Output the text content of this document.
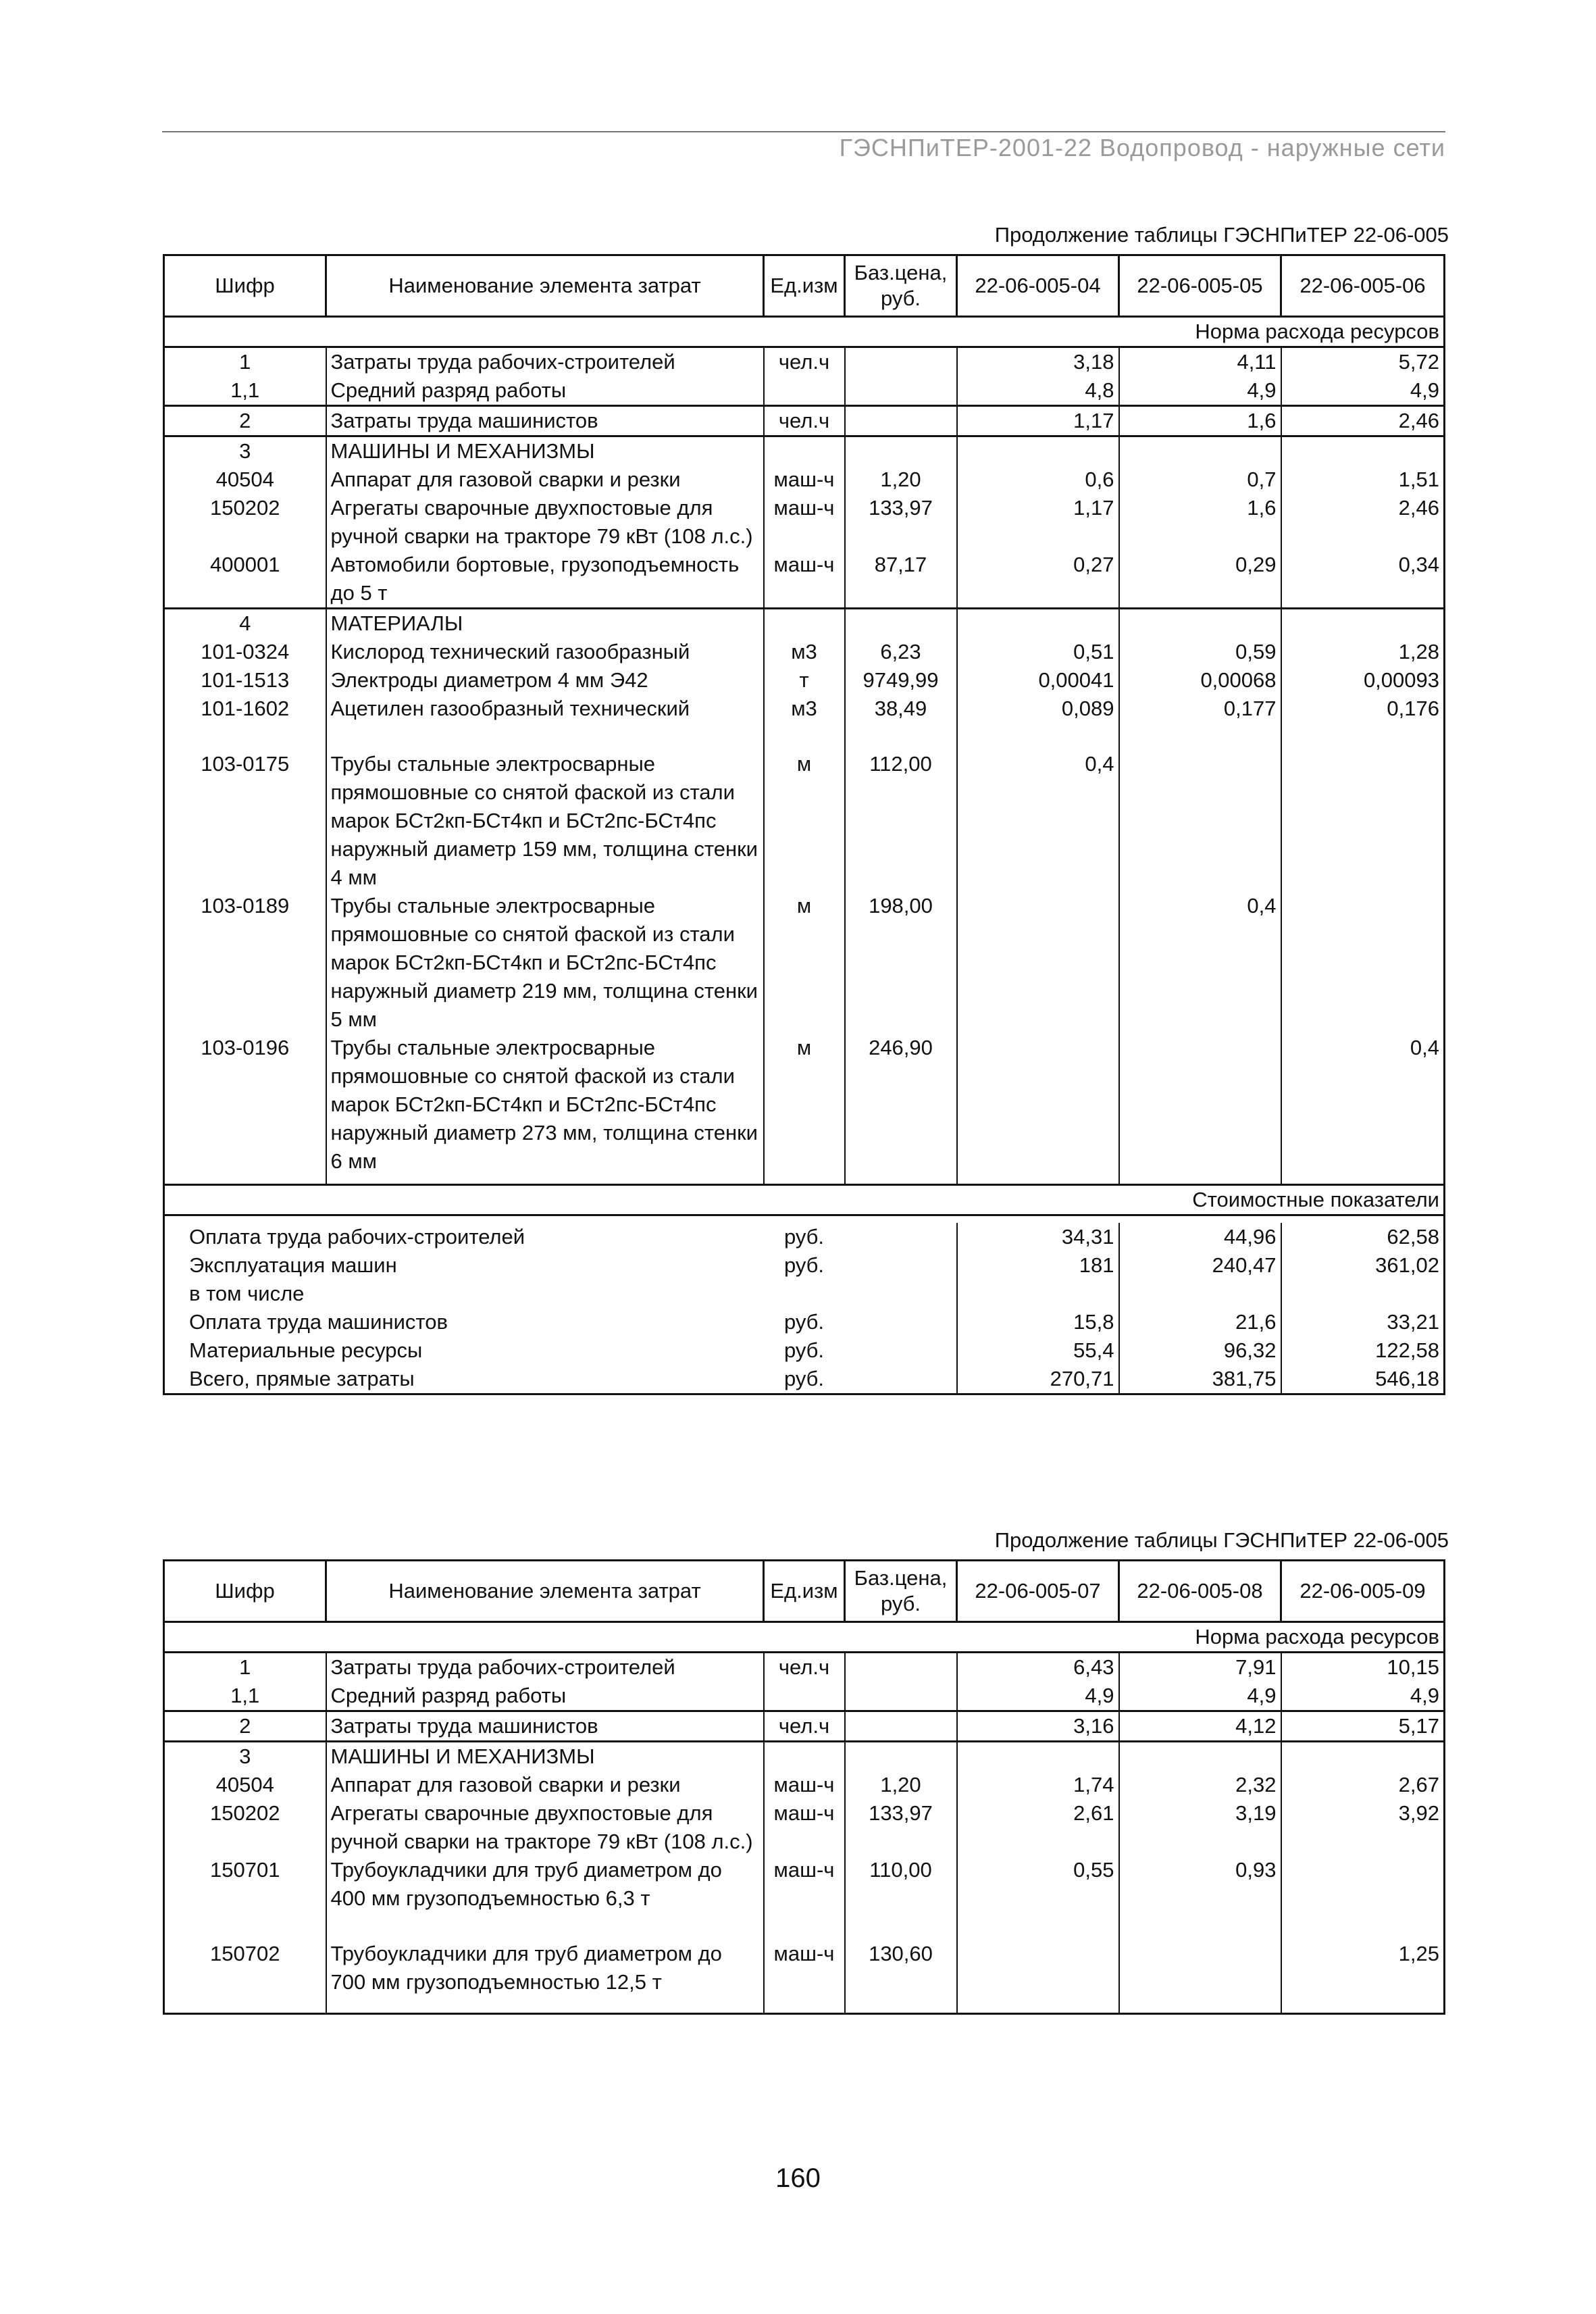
ГЭСНПиТЕР-2001-22 Водопровод - наружные сети
Продолжение таблицы ГЭСНПиТЕР 22-06-005
Шифр	Наименование элемента затрат	Ед.изм	Баз.цена, руб.	22-06-005-04	22-06-005-05	22-06-005-06
Норма расхода ресурсов						
1	Затраты труда рабочих-строителей	чел.ч		3,18	4,11	5,72
1,1	Средний разряд работы			4,8	4,9	4,9
2	Затраты труда машинистов	чел.ч		1,17	1,6	2,46
3	МАШИНЫ И МЕХАНИЗМЫ					
40504	Аппарат для газовой сварки и резки	маш-ч	1,20	0,6	0,7	1,51
150202	Агрегаты сварочные двухпостовые для ручной сварки на тракторе 79 кВт (108 л.с.)	маш-ч	133,97	1,17	1,6	2,46
400001	Автомобили бортовые, грузоподъемность до 5 т	маш-ч	87,17	0,27	0,29	0,34
4	МАТЕРИАЛЫ					
101-0324	Кислород технический газообразный	м3	6,23	0,51	0,59	1,28
101-1513	Электроды диаметром 4 мм Э42	т	9749,99	0,00041	0,00068	0,00093
101-1602	Ацетилен газообразный технический	м3	38,49	0,089	0,177	0,176

103-0175	Трубы стальные электросварные прямошовные со снятой фаской из стали марок БСт2кп-БСт4кп и БСт2пс-БСт4пс наружный диаметр 159 мм, толщина стенки 4 мм	м	112,00	0,4		
103-0189	Трубы стальные электросварные прямошовные со снятой фаской из стали марок БСт2кп-БСт4кп и БСт2пс-БСт4пс наружный диаметр 219 мм, толщина стенки 5 мм	м	198,00		0,4	
103-0196	Трубы стальные электросварные прямошовные со снятой фаской из стали марок БСт2кп-БСт4кп и БСт2пс-БСт4пс наружный диаметр 273 мм, толщина стенки 6 мм	м	246,90			0,4

Стоимостные показатели						

Оплата труда рабочих-строителей		руб.		34,31	44,96	62,58
Эксплуатация машин		руб.		181	240,47	361,02
в том числе						
Оплата труда машинистов		руб.		15,8	21,6	33,21
Материальные ресурсы		руб.		55,4	96,32	122,58
Всего, прямые затраты		руб.		270,71	381,75	546,18
Продолжение таблицы ГЭСНПиТЕР 22-06-005
Шифр	Наименование элемента затрат	Ед.изм	Баз.цена, руб.	22-06-005-07	22-06-005-08	22-06-005-09
Норма расхода ресурсов						
1	Затраты труда рабочих-строителей	чел.ч		6,43	7,91	10,15
1,1	Средний разряд работы			4,9	4,9	4,9
2	Затраты труда машинистов	чел.ч		3,16	4,12	5,17
3	МАШИНЫ И МЕХАНИЗМЫ					
40504	Аппарат для газовой сварки и резки	маш-ч	1,20	1,74	2,32	2,67
150202	Агрегаты сварочные двухпостовые для ручной сварки на тракторе 79 кВт (108 л.с.)	маш-ч	133,97	2,61	3,19	3,92
150701	Трубоукладчики для труб диаметром до 400 мм грузоподъемностью 6,3 т	маш-ч	110,00	0,55	0,93	

150702	Трубоукладчики для труб диаметром до 700 мм грузоподъемностью 12,5 т	маш-ч	130,60			1,25

160
